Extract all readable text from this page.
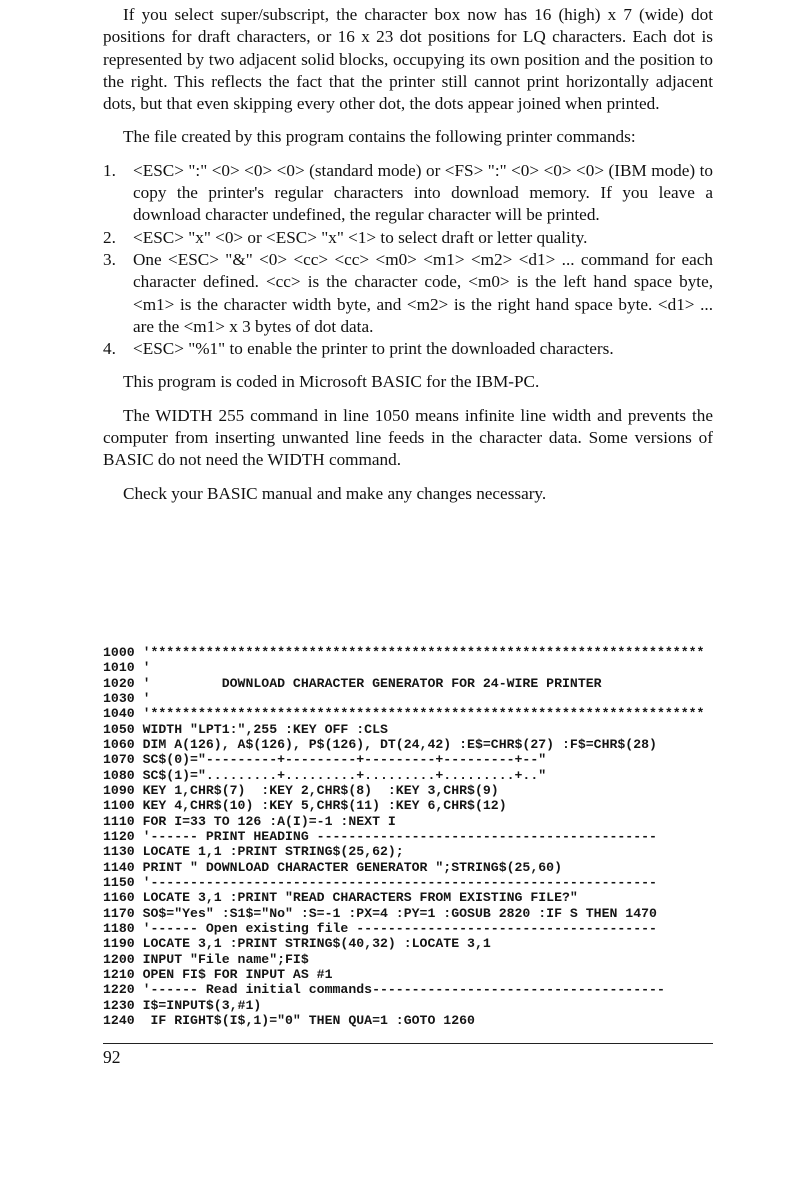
If you select super/subscript, the character box now has 16 (high) x 7 (wide) dot positions for draft characters, or 16 x 23 dot positions for LQ characters. Each dot is represented by two adjacent solid blocks, occupying its own position and the position to the right. This reflects the fact that the printer still cannot print horizontally adjacent dots, but that even skipping every other dot, the dots appear joined when printed.

The file created by this program contains the following printer commands:

1. <ESC> ":" <0> <0> <0> (standard mode) or <FS> ":" <0> <0> <0> (IBM mode) to copy the printer's regular characters into download memory. If you leave a download character undefined, the regular character will be printed.
2. <ESC> "x" <0> or <ESC> "x" <1> to select draft or letter quality.
3. One <ESC> "&" <0> <cc> <cc> <m0> <m1> <m2> <d1> ... command for each character defined. <cc> is the character code, <m0> is the left hand space byte, <m1> is the character width byte, and <m2> is the right hand space byte. <d1> ... are the <m1> x 3 bytes of dot data.
4. <ESC> "%1" to enable the printer to print the downloaded characters.

This program is coded in Microsoft BASIC for the IBM-PC.

The WIDTH 255 command in line 1050 means infinite line width and prevents the computer from inserting unwanted line feeds in the character data. Some versions of BASIC do not need the WIDTH command.

Check your BASIC manual and make any changes necessary.

1000 '**********************************************************************
1010 '
1020 '         DOWNLOAD CHARACTER GENERATOR FOR 24-WIRE PRINTER
1030 '
1040 '**********************************************************************
1050 WIDTH "LPT1:",255 :KEY OFF :CLS
1060 DIM A(126), A$(126), P$(126), DT(24,42) :E$=CHR$(27) :F$=CHR$(28)
1070 SC$(0)="---------+---------+---------+---------+--"
1080 SC$(1)=".........+.........+.........+.........+.."
1090 KEY 1,CHR$(7)  :KEY 2,CHR$(8)  :KEY 3,CHR$(9)
1100 KEY 4,CHR$(10) :KEY 5,CHR$(11) :KEY 6,CHR$(12)
1110 FOR I=33 TO 126 :A(I)=-1 :NEXT I
1120 '------ PRINT HEADING -------------------------------------------
1130 LOCATE 1,1 :PRINT STRING$(25,62);
1140 PRINT " DOWNLOAD CHARACTER GENERATOR ";STRING$(25,60)
1150 '----------------------------------------------------------------
1160 LOCATE 3,1 :PRINT "READ CHARACTERS FROM EXISTING FILE?"
1170 SO$="Yes" :S1$="No" :S=-1 :PX=4 :PY=1 :GOSUB 2820 :IF S THEN 1470
1180 '------ Open existing file --------------------------------------
1190 LOCATE 3,1 :PRINT STRING$(40,32) :LOCATE 3,1
1200 INPUT "File name";FI$
1210 OPEN FI$ FOR INPUT AS #1
1220 '------ Read initial commands-------------------------------------
1230 I$=INPUT$(3,#1)
1240  IF RIGHT$(I$,1)="0" THEN QUA=1 :GOTO 1260
92
